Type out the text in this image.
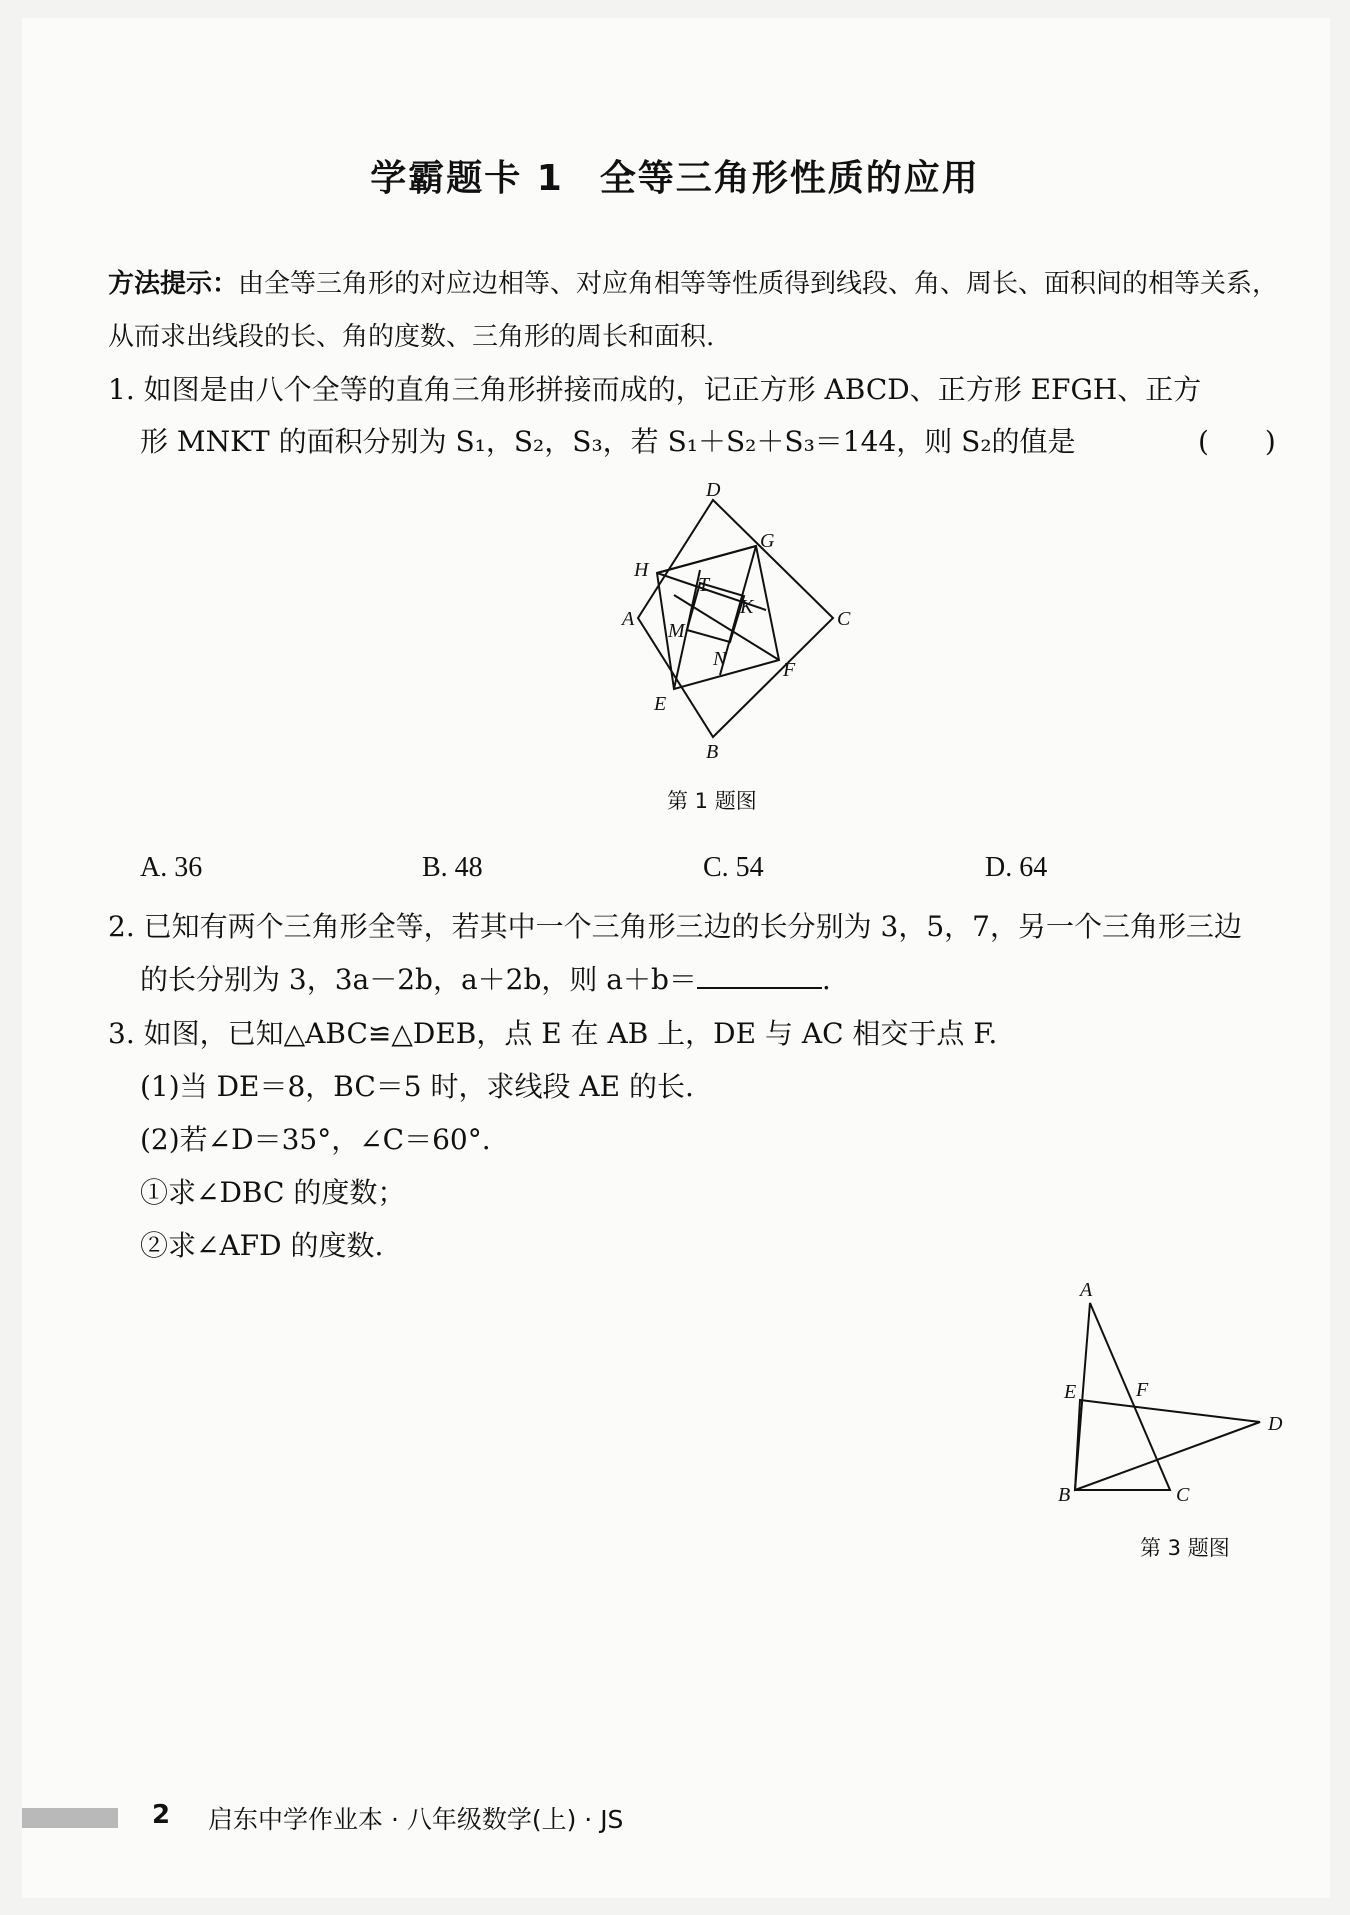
学霸题卡 1 全等三角形性质的应用
方法提示：由全等三角形的对应边相等、对应角相等等性质得到线段、角、周长、面积间的相等关系，从而求出线段的长、角的度数、三角形的周长和面积.
1. 如图是由八个全等的直角三角形拼接而成的，记正方形 ABCD、正方形 EFGH、正方
形 MNKT 的面积分别为 S₁，S₂，S₃，若 S₁＋S₂＋S₃＝144，则 S₂的值是	(　　)
D
G
H
T
K
A
M
C
N	F
E
B
第 1 题图
A. 36	B. 48	C. 54	D. 64
2. 已知有两个三角形全等，若其中一个三角形三边的长分别为 3，5，7，另一个三角形三边
的长分别为 3，3a－2b，a＋2b，则 a＋b＝	.
3. 如图，已知△ABC≌△DEB，点 E 在 AB 上，DE 与 AC 相交于点 F.
(1)当 DE＝8，BC＝5 时，求线段 AE 的长.
(2)若∠D＝35°，∠C＝60°.
①求∠DBC 的度数；
②求∠AFD 的度数.
A
E	F
D
B	C
第 3 题图
2 启东中学作业本 · 八年级数学(上) · JS
